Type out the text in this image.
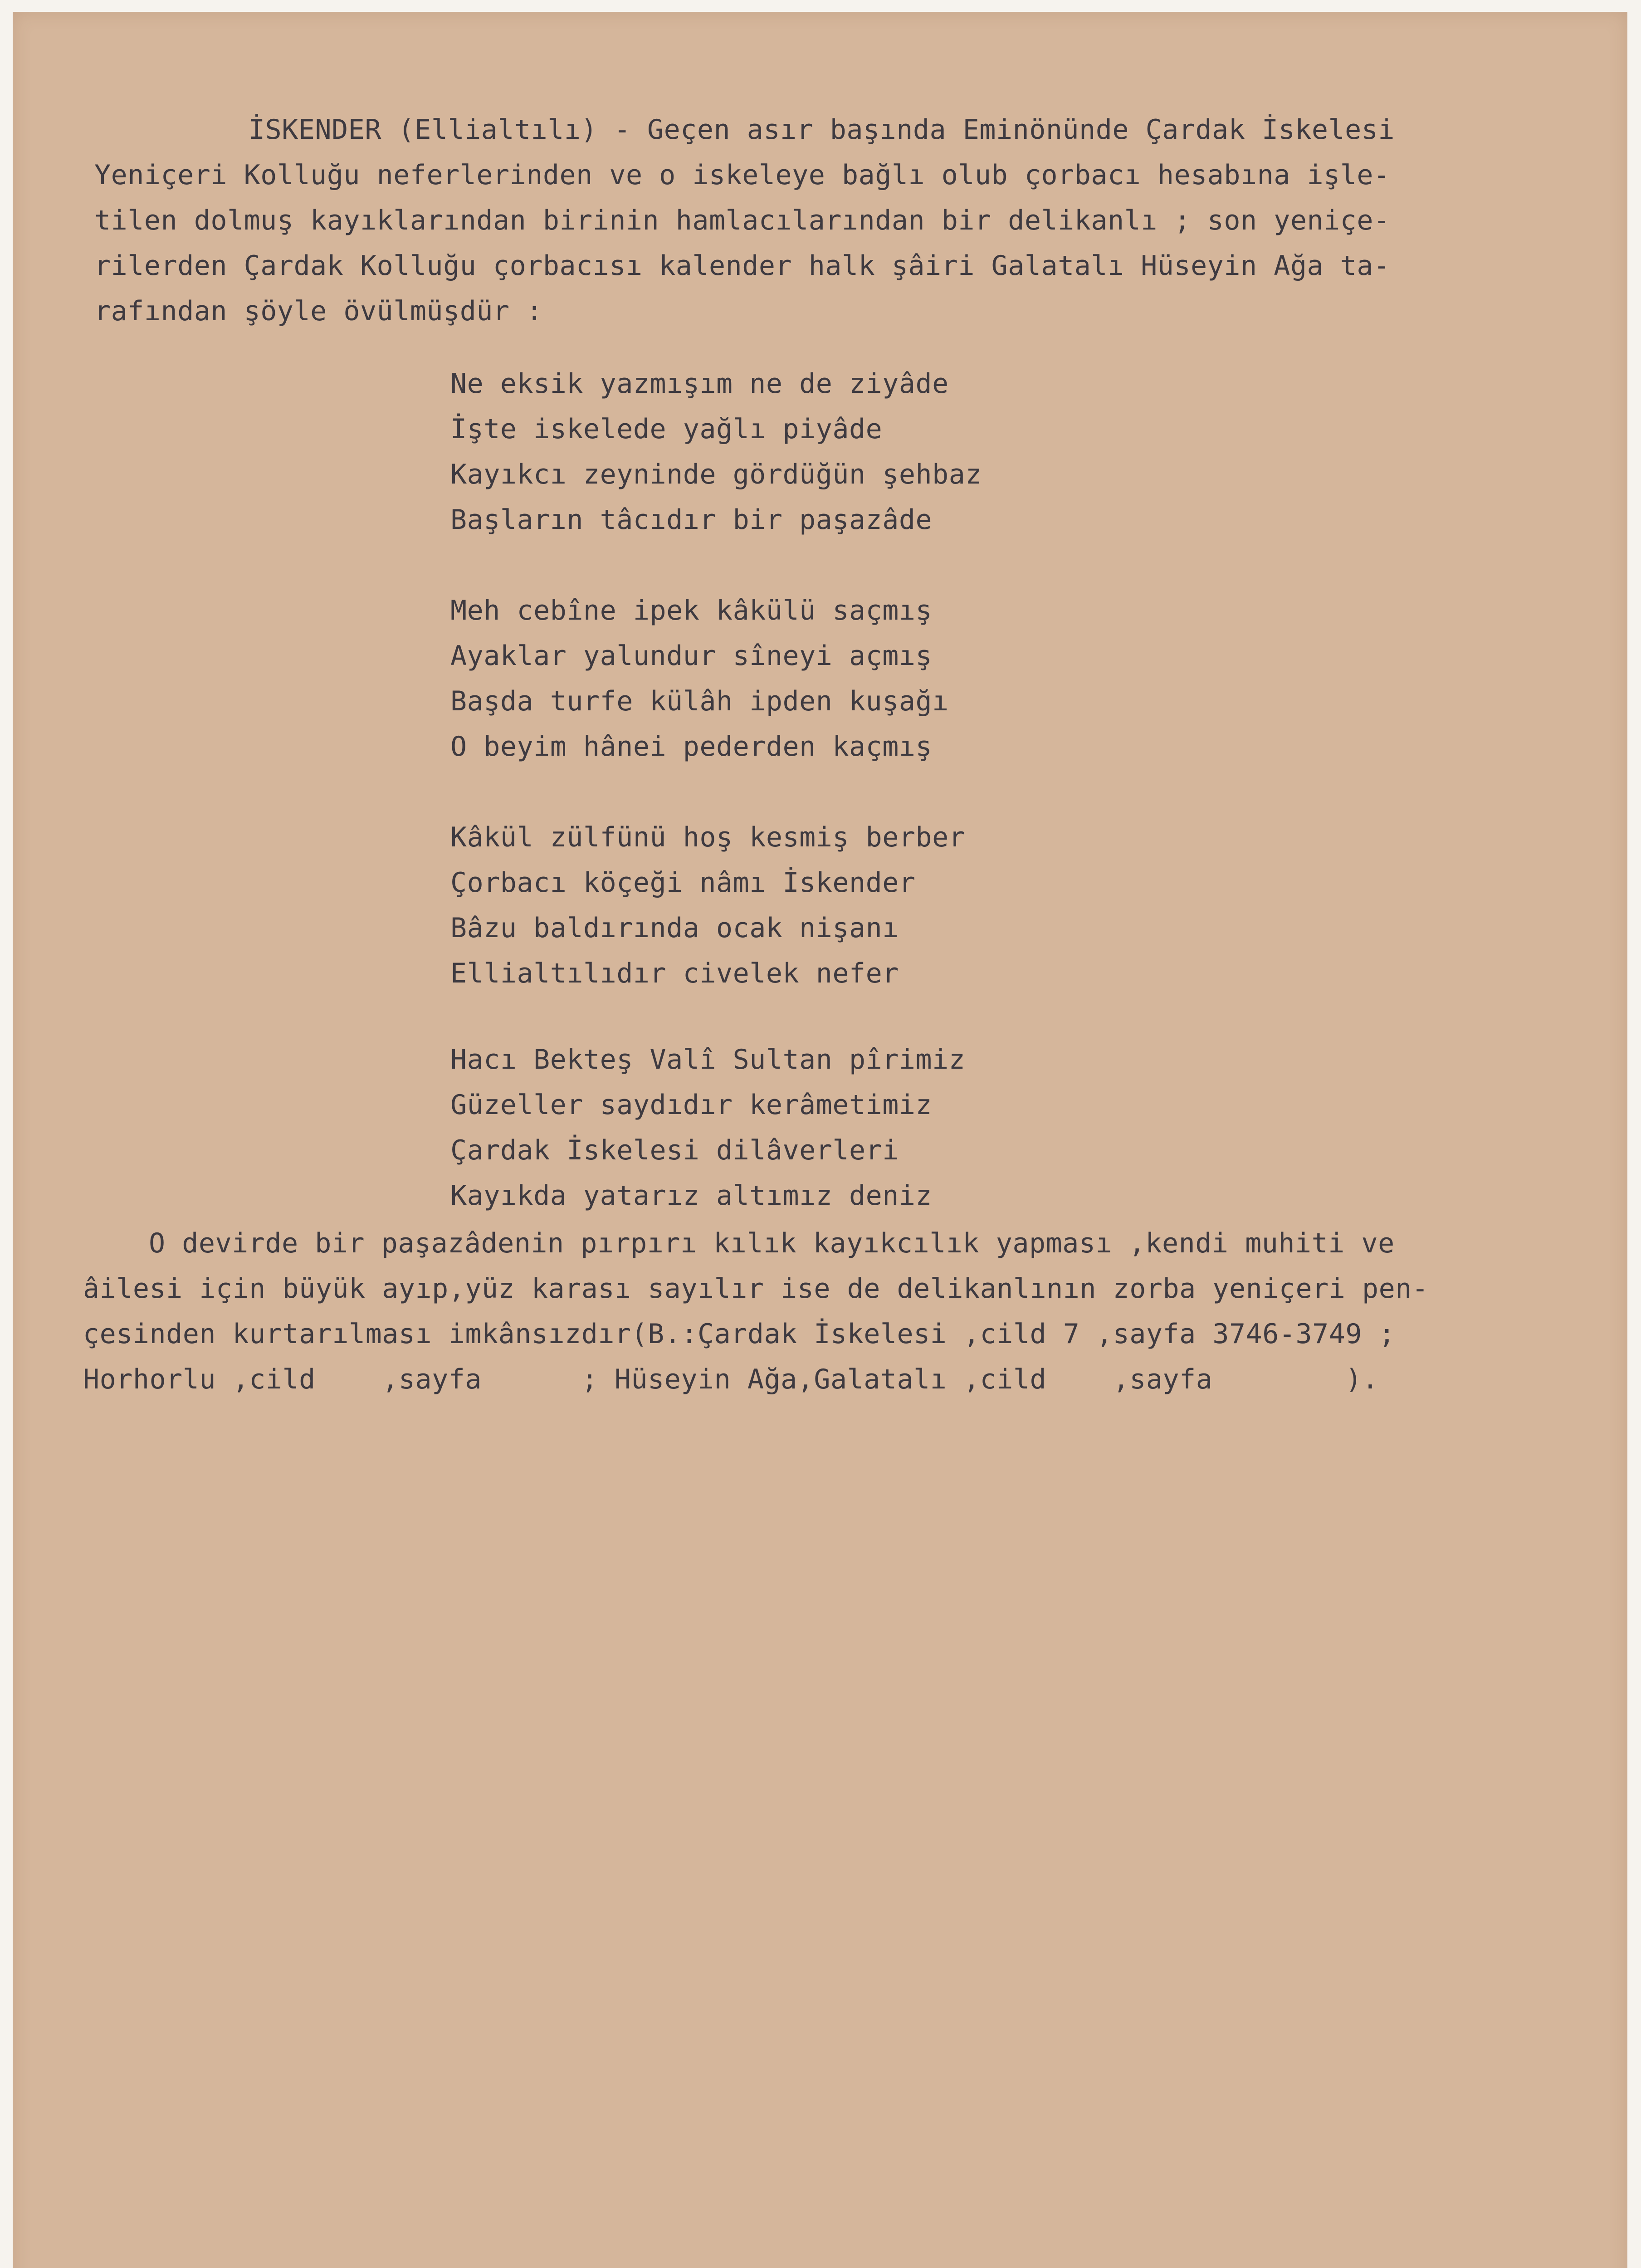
İSKENDER (Ellialtılı) - Geçen asır başında Eminönünde Çardak İskelesi

Yeniçeri Kolluğu neferlerinden ve o iskeleye bağlı olub çorbacı hesabına işle-

tilen dolmuş kayıklarından birinin hamlacılarından bir delikanlı ; son yeniçe-

rilerden Çardak Kolluğu çorbacısı kalender halk şâiri Galatalı Hüseyin Ağa ta-

rafından şöyle övülmüşdür :

Ne eksik yazmışım ne de ziyâde

İşte iskelede yağlı piyâde

Kayıkcı zeyninde gördüğün şehbaz

Başların tâcıdır bir paşazâde

Meh cebîne ipek kâkülü saçmış

Ayaklar yalundur sîneyi açmış

Başda turfe külâh ipden kuşağı

O beyim hânei pederden kaçmış

Kâkül zülfünü hoş kesmiş berber

Çorbacı köçeği nâmı İskender

Bâzu baldırında ocak nişanı

Ellialtılıdır civelek nefer

Hacı Bekteş Valî Sultan pîrimiz

Güzeller saydıdır kerâmetimiz

Çardak İskelesi dilâverleri

Kayıkda yatarız altımız deniz

O devirde bir paşazâdenin pırpırı kılık kayıkcılık yapması ,kendi muhiti ve

âilesi için büyük ayıp,yüz karası sayılır ise de delikanlının zorba yeniçeri pen-

çesinden kurtarılması imkânsızdır(B.:Çardak İskelesi ,cild 7 ,sayfa 3746-3749 ;

Horhorlu ,cild    ,sayfa      ; Hüseyin Ağa,Galatalı ,cild    ,sayfa        ).
